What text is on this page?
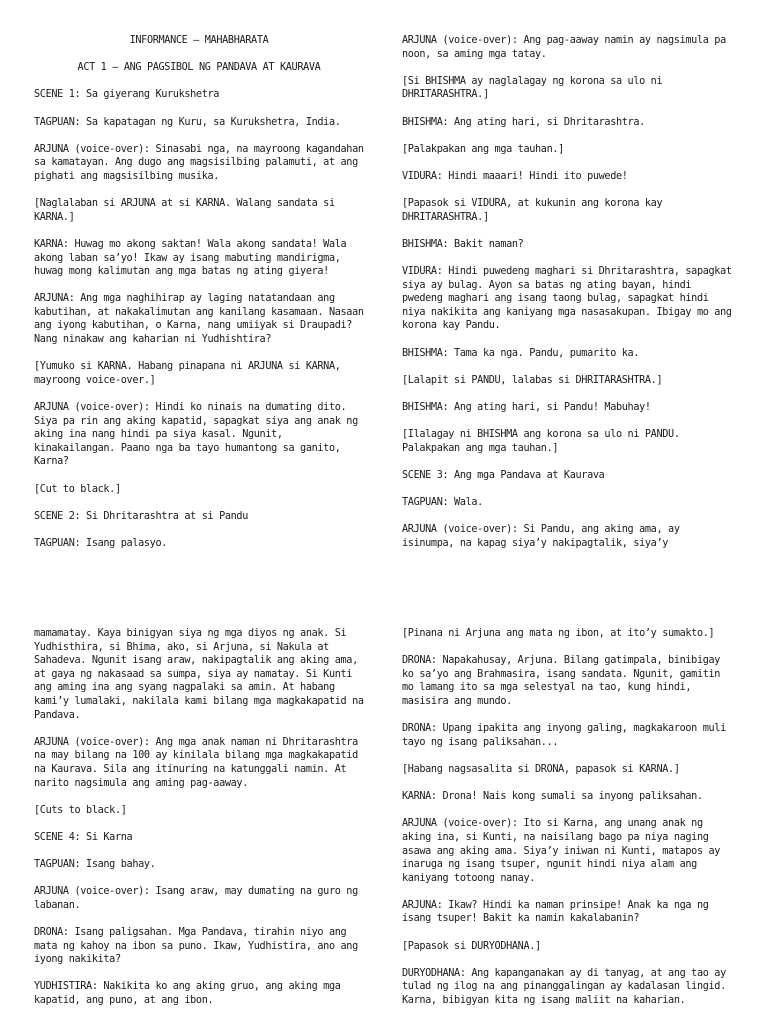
INFORMANCE – MAHABHARATA

ACT 1 – ANG PAGSIBOL NG PANDAVA AT KAURAVA

SCENE 1: Sa giyerang Kurukshetra

TAGPUAN: Sa kapatagan ng Kuru, sa Kurukshetra, India.

ARJUNA (voice-over): Sinasabi nga, na mayroong kagandahan sa kamatayan. Ang dugo ang magsisilbing palamuti, at ang pighati ang magsisilbing musika.

[Naglalaban si ARJUNA at si KARNA. Walang sandata si KARNA.]

KARNA: Huwag mo akong saktan! Wala akong sandata! Wala akong laban sa’yo! Ikaw ay isang mabuting mandirigma, huwag mong kalimutan ang mga batas ng ating giyera!

ARJUNA: Ang mga naghihirap ay laging natatandaan ang kabutihan, at nakakalimutan ang kanilang kasamaan. Nasaan ang iyong kabutihan, o Karna, nang umiiyak si Draupadi? Nang ninakaw ang kaharian ni Yudhishtira?

[Yumuko si KARNA. Habang pinapana ni ARJUNA si KARNA, mayroong voice-over.]

ARJUNA (voice-over): Hindi ko ninais na dumating dito. Siya pa rin ang aking kapatid, sapagkat siya ang anak ng aking ina nang hindi pa siya kasal. Ngunit, kinakailangan. Paano nga ba tayo humantong sa ganito, Karna?

[Cut to black.]

SCENE 2: Si Dhritarashtra at si Pandu

TAGPUAN: Isang palasyo.

ARJUNA (voice-over): Ang pag-aaway namin ay nagsimula pa noon, sa aming mga tatay.

[Si BHISHMA ay naglalagay ng korona sa ulo ni DHRITARASHTRA.]

BHISHMA: Ang ating hari, si Dhritarashtra.

[Palakpakan ang mga tauhan.]

VIDURA: Hindi maaari! Hindi ito puwede!

[Papasok si VIDURA, at kukunin ang korona kay DHRITARASHTRA.]

BHISHMA: Bakit naman?

VIDURA: Hindi puwedeng maghari si Dhritarashtra, sapagkat siya ay bulag. Ayon sa batas ng ating bayan, hindi pwedeng maghari ang isang taong bulag, sapagkat hindi niya nakikita ang kaniyang mga nasasakupan. Ibigay mo ang korona kay Pandu.

BHISHMA: Tama ka nga. Pandu, pumarito ka.

[Lalapit si PANDU, lalabas si DHRITARASHTRA.]

BHISHMA: Ang ating hari, si Pandu! Mabuhay!

[Ilalagay ni BHISHMA ang korona sa ulo ni PANDU. Palakpakan ang mga tauhan.]

SCENE 3: Ang mga Pandava at Kaurava

TAGPUAN: Wala.

ARJUNA (voice-over): Si Pandu, ang aking ama, ay isinumpa, na kapag siya’y nakipagtalik, siya’y

mamamatay. Kaya binigyan siya ng mga diyos ng anak. Si Yudhisthira, si Bhima, ako, si Arjuna, si Nakula at Sahadeva. Ngunit isang araw, nakipagtalik ang aking ama, at gaya ng nakasaad sa sumpa, siya ay namatay. Si Kunti ang aming ina ang syang nagpalaki sa amin. At habang kami’y lumalaki, nakilala kami bilang mga magkakapatid na Pandava.

ARJUNA (voice-over): Ang mga anak naman ni Dhritarashtra na may bilang na 100 ay kinilala bilang mga magkakapatid na Kaurava. Sila ang itinuring na katunggali namin. At narito nagsimula ang aming pag-aaway.

[Cuts to black.]

SCENE 4: Si Karna

TAGPUAN: Isang bahay.

ARJUNA (voice-over): Isang araw, may dumating na guro ng labanan.

DRONA: Isang paligsahan. Mga Pandava, tirahin niyo ang mata ng kahoy na ibon sa puno. Ikaw, Yudhistira, ano ang iyong nakikita?

YUDHISTIRA: Nakikita ko ang aking gruo, ang aking mga kapatid, ang puno, at ang ibon.

[Pinana ni Arjuna ang mata ng ibon, at ito’y sumakto.]

DRONA: Napakahusay, Arjuna. Bilang gatimpala, binibigay ko sa’yo ang Brahmasira, isang sandata. Ngunit, gamitin mo lamang ito sa mga selestyal na tao, kung hindi, masisira ang mundo.

DRONA: Upang ipakita ang inyong galing, magkakaroon muli tayo ng isang paliksahan...

[Habang nagsasalita si DRONA, papasok si KARNA.]

KARNA: Drona! Nais kong sumali sa inyong paliksahan.

ARJUNA (voice-over): Ito si Karna, ang unang anak ng aking ina, si Kunti, na naisilang bago pa niya naging asawa ang aking ama. Siya’y iniwan ni Kunti, matapos ay inaruga ng isang tsuper, ngunit hindi niya alam ang kaniyang totoong nanay.

ARJUNA: Ikaw? Hindi ka naman prinsipe! Anak ka nga ng isang tsuper! Bakit ka namin kakalabanin?

[Papasok si DURYODHANA.]

DURYODHANA: Ang kapanganakan ay di tanyag, at ang tao ay tulad ng ilog na ang pinanggalingan ay kadalasan lingid. Karna, bibigyan kita ng isang maliit na kaharian.
